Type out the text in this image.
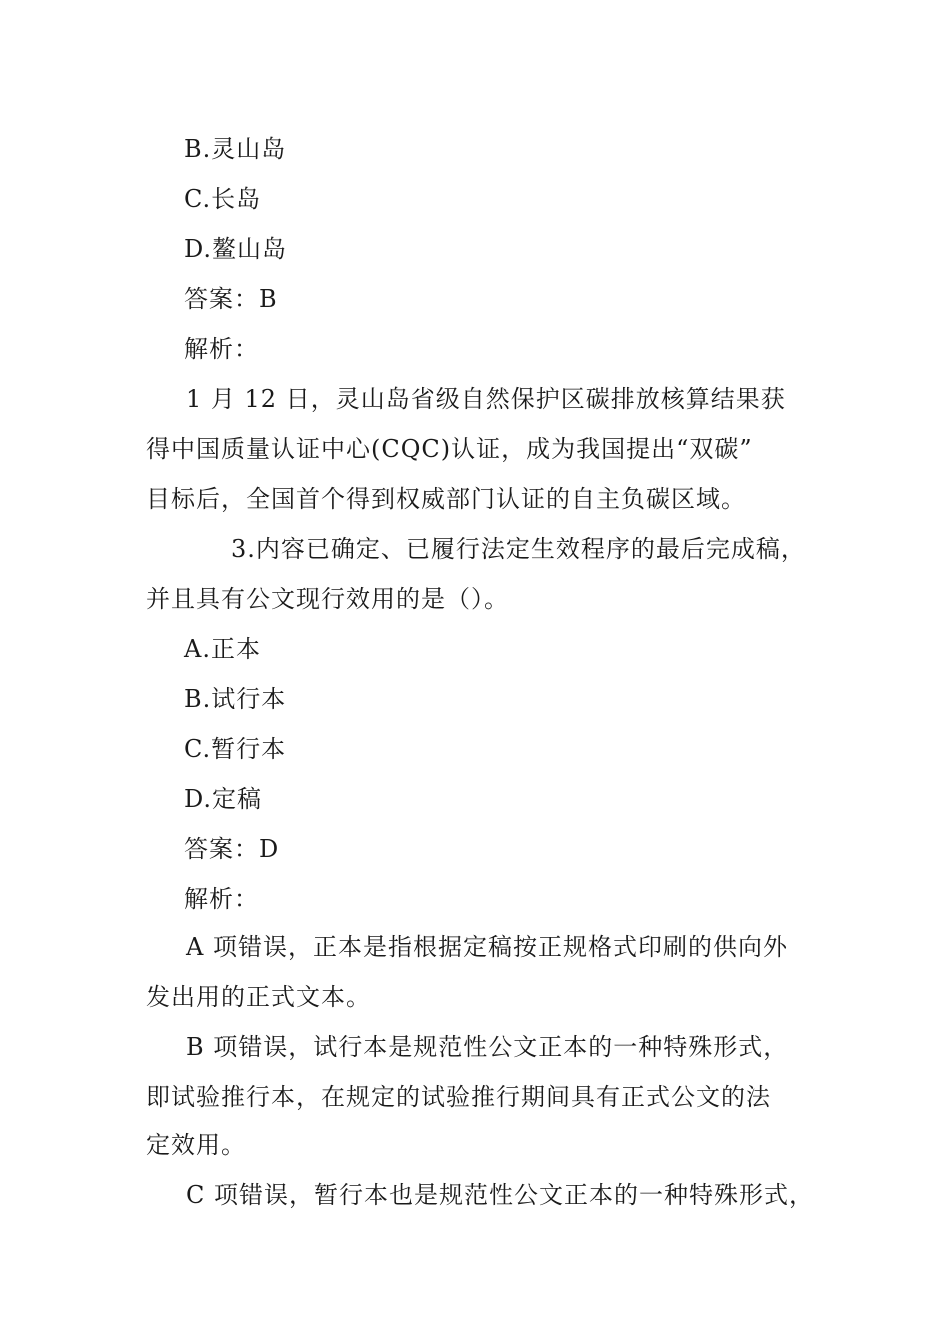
B.灵山岛
C.长岛
D.鳌山岛
答案：B
解析：
1 月 12 日，灵山岛省级自然保护区碳排放核算结果获
得中国质量认证中心(CQC)认证，成为我国提出“双碳”
目标后，全国首个得到权威部门认证的自主负碳区域。
3.内容已确定、已履行法定生效程序的最后完成稿，
并且具有公文现行效用的是（）。
A.正本
B.试行本
C.暂行本
D.定稿
答案：D
解析：
A 项错误，正本是指根据定稿按正规格式印刷的供向外
发出用的正式文本。
B 项错误，试行本是规范性公文正本的一种特殊形式，
即试验推行本，在规定的试验推行期间具有正式公文的法
定效用。
C 项错误，暂行本也是规范性公文正本的一种特殊形式，
